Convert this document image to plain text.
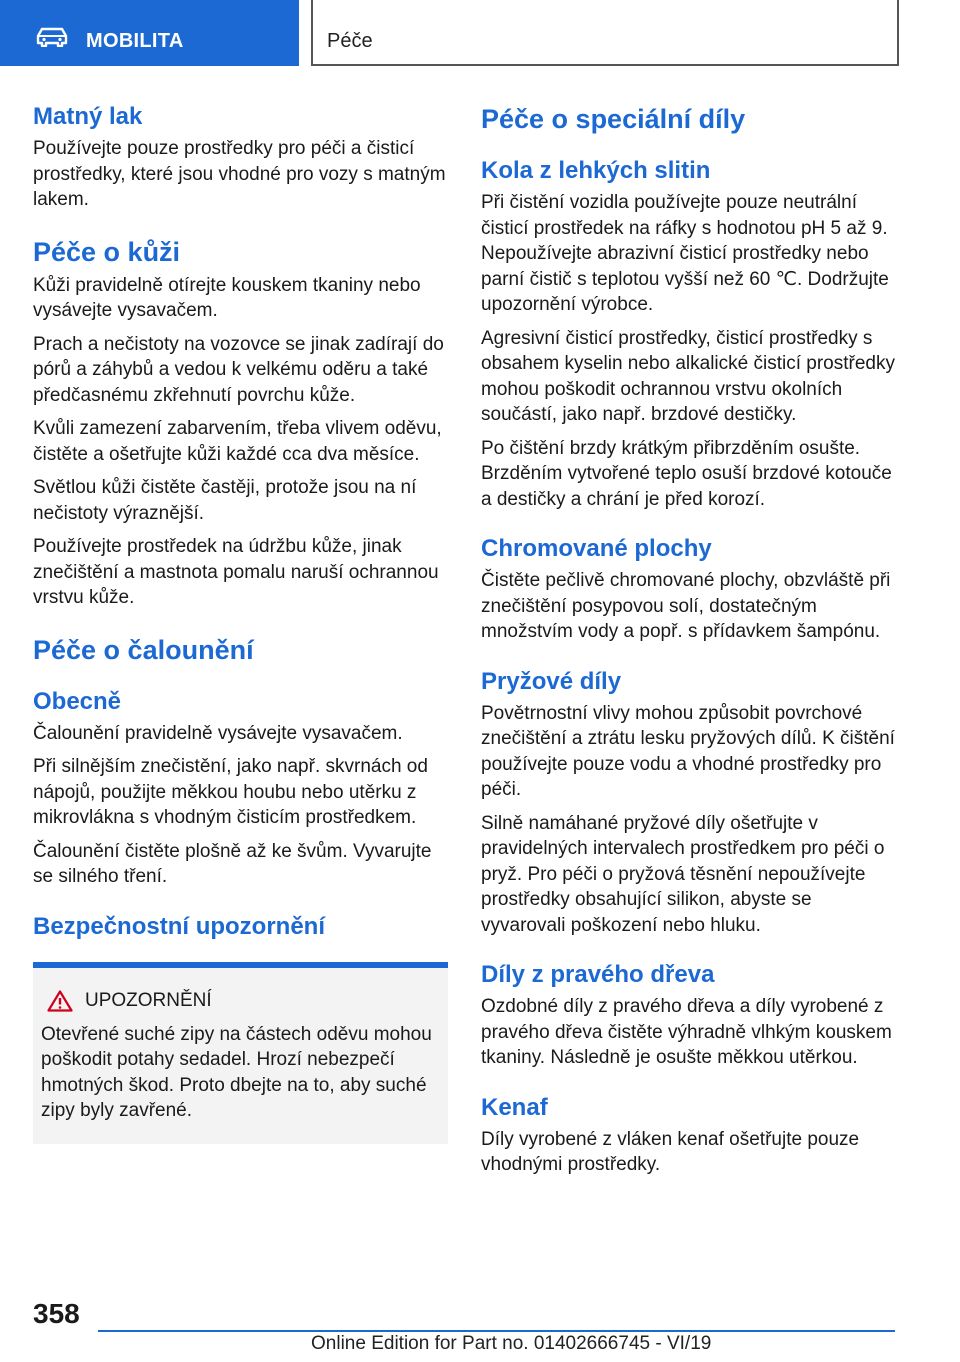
MOBILITA	Péče
Matný lak

Používejte pouze prostředky pro péči a čisticí prostředky, které jsou vhodné pro vozy s matným lakem.

Péče o kůži

Kůži pravidelně otírejte kouskem tkaniny nebo vysávejte vysavačem.

Prach a nečistoty na vozovce se jinak zadírají do pórů a záhybů a vedou k velkému oděru a také předčasnému zkřehnutí povrchu kůže.

Kvůli zamezení zabarvením, třeba vlivem oděvu, čistěte a ošetřujte kůži každé cca dva měsíce.

Světlou kůži čistěte častěji, protože jsou na ní nečistoty výraznější.

Používejte prostředek na údržbu kůže, jinak znečištění a mastnota pomalu naruší ochrannou vrstvu kůže.

Péče o čalounění
Obecně

Čalounění pravidelně vysávejte vysavačem.

Při silnějším znečistění, jako např. skvrnách od nápojů, použijte měkkou houbu nebo utěrku z mikrovlákna s vhodným čisticím prostředkem.

Čalounění čistěte plošně až ke švům. Vyvarujte se silného tření.

Bezpečnostní upozornění
UPOZORNĚNÍ

Otevřené suché zipy na částech oděvu mohou poškodit potahy sedadel. Hrozí nebezpečí hmotných škod. Proto dbejte na to, aby suché zipy byly zavřené.

Péče o speciální díly
Kola z lehkých slitin

Při čistění vozidla používejte pouze neutrální čisticí prostředek na ráfky s hodnotou pH 5 až 9. Nepoužívejte abrazivní čisticí prostředky nebo parní čistič s teplotou vyšší než 60 ℃. Dodržujte upozornění výrobce.

Agresivní čisticí prostředky, čisticí prostředky s obsahem kyselin nebo alkalické čisticí prostředky mohou poškodit ochrannou vrstvu okolních součástí, jako např. brzdové destičky.

Po čištění brzdy krátkým přibrzděním osušte. Brzděním vytvořené teplo osuší brzdové kotouče a destičky a chrání je před korozí.

Chromované plochy

Čistěte pečlivě chromované plochy, obzvláště při znečištění posypovou solí, dostatečným množstvím vody a popř. s přídavkem šampónu.

Pryžové díly

Povětrnostní vlivy mohou způsobit povrchové znečištění a ztrátu lesku pryžových dílů. K čištění používejte pouze vodu a vhodné prostředky pro péči.

Silně namáhané pryžové díly ošetřujte v pravidelných intervalech prostředkem pro péči o pryž. Pro péči o pryžová těsnění nepoužívejte prostředky obsahující silikon, abyste se vyvarovali poškození nebo hluku.

Díly z pravého dřeva

Ozdobné díly z pravého dřeva a díly vyrobené z pravého dřeva čistěte výhradně vlhkým kouskem tkaniny. Následně je osušte měkkou utěrkou.

Kenaf

Díly vyrobené z vláken kenaf ošetřujte pouze vhodnými prostředky.

358
Online Edition for Part no. 01402666745 - VI/19
